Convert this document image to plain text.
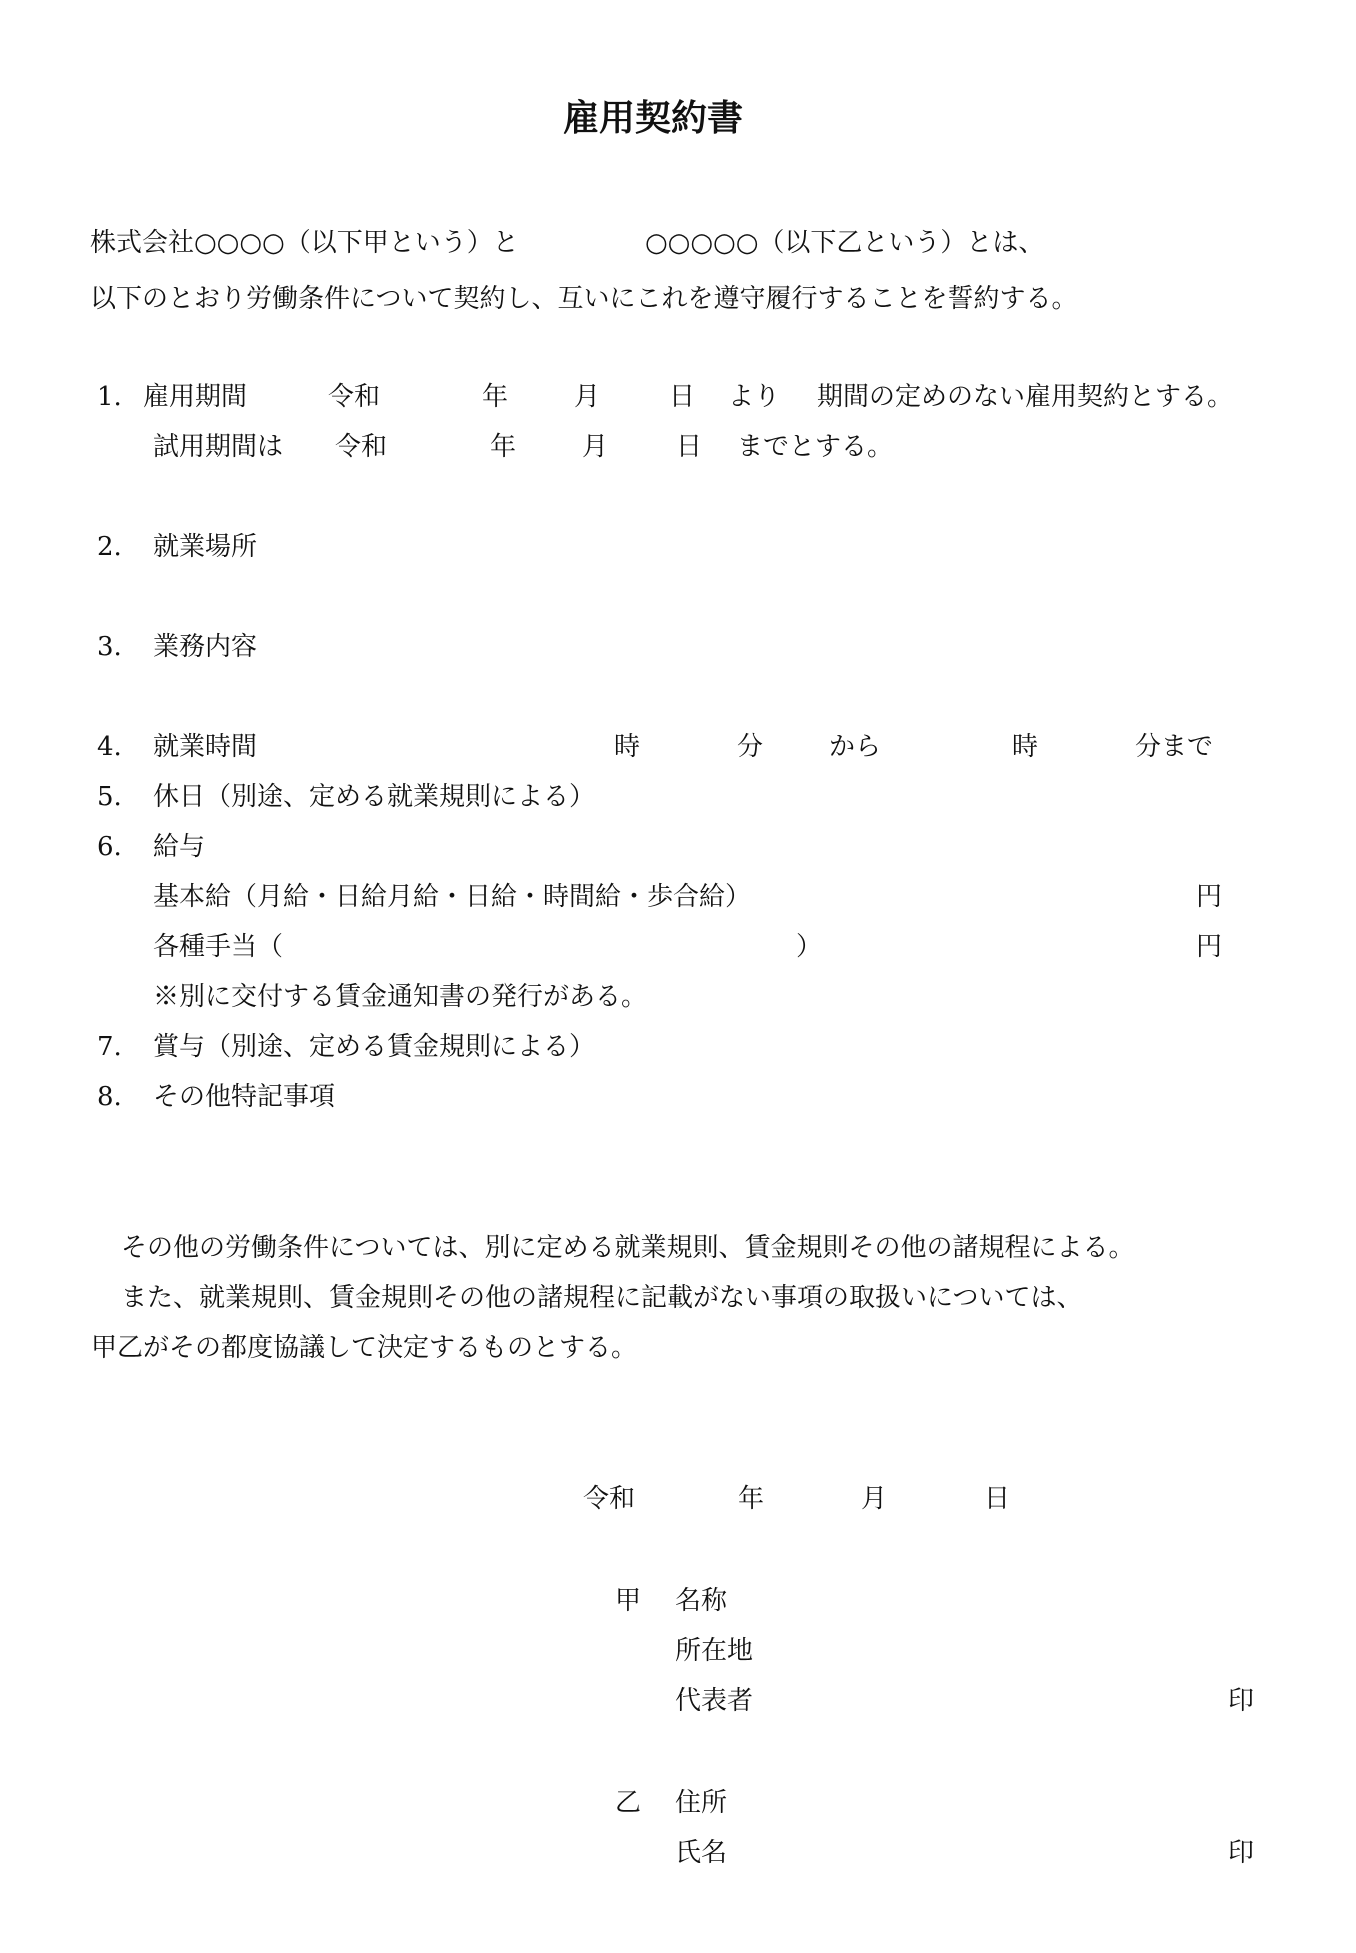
雇用契約書
株式会社○○○○（以下甲という）と	○○○○○（以下乙という）とは、
以下のとおり労働条件について契約し、互いにこれを遵守履行することを誓約する。
1. 雇用期間	令和	年	月	日 より 期間の定めのない雇用契約とする。
試用期間は 令和	年	月	日 までとする。
2. 就業場所
3. 業務内容
4. 就業時間	時	分	から	時	分まで
5. 休日（別途、定める就業規則による）
6. 給与
基本給（月給・日給月給・日給・時間給・歩合給）	円
各種手当（	）	円
※別に交付する賃金通知書の発行がある。
7. 賞与（別途、定める賃金規則による）
8. その他特記事項
その他の労働条件については、別に定める就業規則、賃金規則その他の諸規程による。
また、就業規則、賃金規則その他の諸規程に記載がない事項の取扱いについては、
甲乙がその都度協議して決定するものとする。
令和	年	月	日
甲 名称
所在地
代表者	印
乙 住所
氏名	印
